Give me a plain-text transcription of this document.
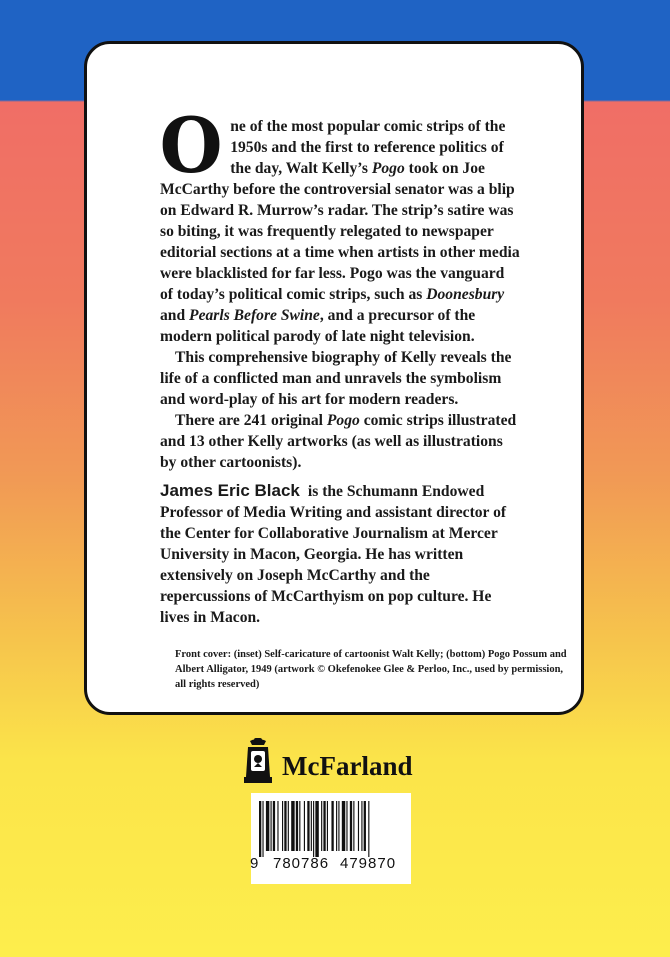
One of the most popular comic strips of the 1950s and the first to reference politics of the day, Walt Kelly’s Pogo took on Joe McCarthy before the controversial senator was a blip on Edward R. Murrow’s radar. The strip’s satire was so biting, it was frequently relegated to newspaper editorial sections at a time when artists in other media were blacklisted for far less. Pogo was the vanguard of today’s political comic strips, such as Doonesbury and Pearls Before Swine, and a precursor of the modern political parody of late night television.

This comprehensive biography of Kelly reveals the life of a conflicted man and unravels the symbolism and word-play of his art for modern readers.

There are 241 original Pogo comic strips illustrated and 13 other Kelly artworks (as well as illustrations by other cartoonists).

James Eric Black is the Schumann Endowed Professor of Media Writing and assistant director of the Center for Collaborative Journalism at Mercer University in Macon, Georgia. He has written extensively on Joseph McCarthy and the repercussions of McCarthyism on pop culture. He lives in Macon.

Front cover: (inset) Self-caricature of cartoonist Walt Kelly; (bottom) Pogo Possum and Albert Alligator, 1949 (artwork © Okefenokee Glee & Perloo, Inc., used by permission, all rights reserved)
McFarland
9 780786 479870
